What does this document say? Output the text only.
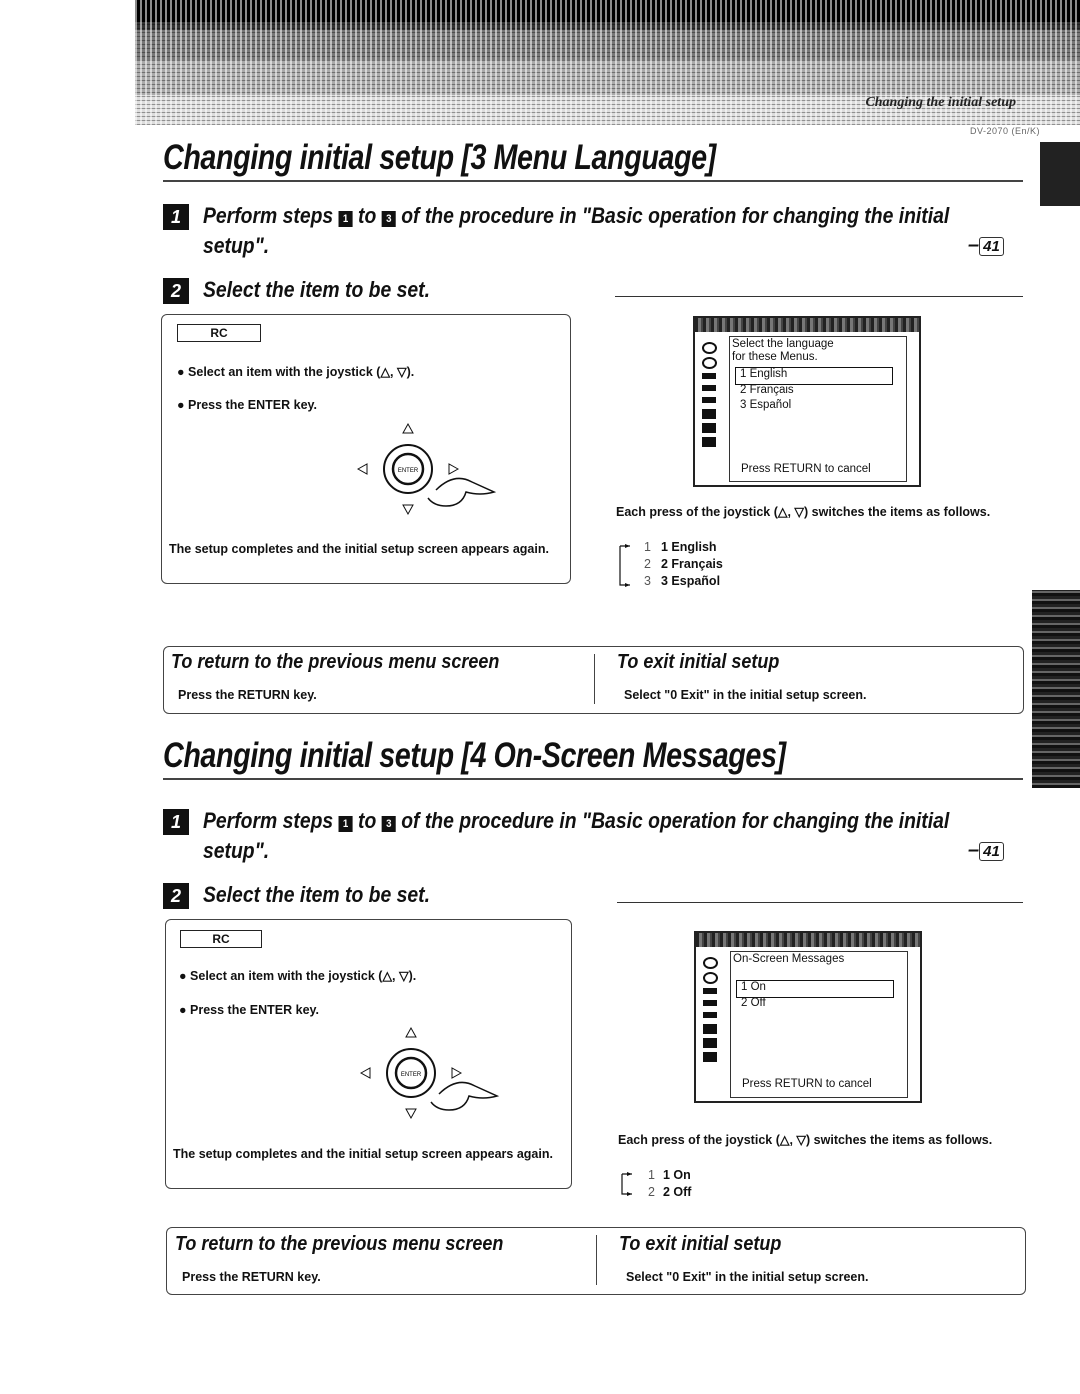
Changing the initial setup
DV-2070 (En/K)
Changing initial setup [3 Menu Language]
1	Perform steps 1 to 3 of the procedure in "Basic operation for changing the initial
setup".	– 41
2	Select the item to be set.
RC
● Select an item with the joystick (△, ▽).
● Press the ENTER key.
ENTER
The setup completes and the initial setup screen appears again.
Select the language
for these Menus.
1 English
2 Français
3 Español
Press RETURN to cancel
Each press of the joystick (△, ▽) switches the items as follows.
1 1 English
2 2 Français
3 3 Español
To return to the previous menu screen
Press the RETURN key.
To exit initial setup
Select "0 Exit" in the initial setup screen.
Changing initial setup [4 On-Screen Messages]
1	Perform steps 1 to 3 of the procedure in "Basic operation for changing the initial
setup".	– 41
2	Select the item to be set.
RC
● Select an item with the joystick (△, ▽).
● Press the ENTER key.
ENTER
The setup completes and the initial setup screen appears again.
On-Screen Messages
1 On
2 Off
Press RETURN to cancel
Each press of the joystick (△, ▽) switches the items as follows.
1 1 On
2 2 Off
To return to the previous menu screen
Press the RETURN key.
To exit initial setup
Select "0 Exit" in the initial setup screen.
